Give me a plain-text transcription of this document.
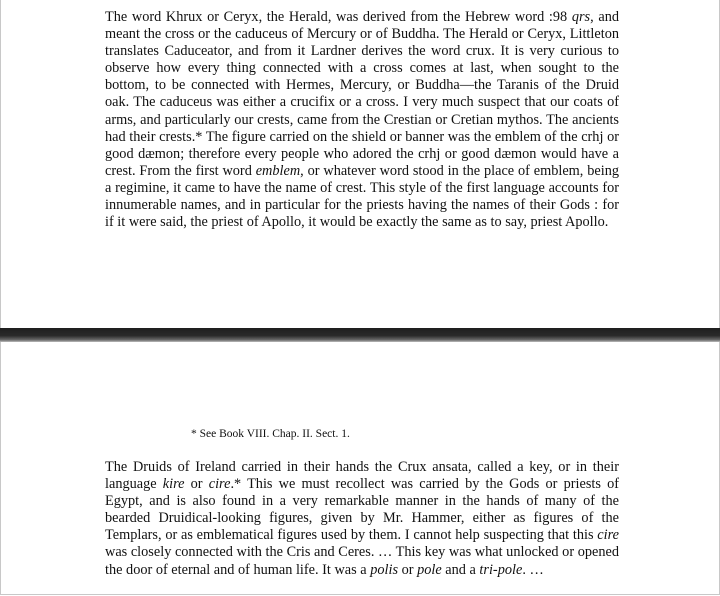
The word Khrux or Ceryx, the Herald, was derived from the Hebrew word :98 qrs, and meant the cross or the caduceus of Mercury or of Buddha. The Herald or Ceryx, Littleton translates Caduceator, and from it Lardner derives the word crux. It is very curious to observe how every thing connected with a cross comes at last, when sought to the bottom, to be connected with Hermes, Mercury, or Buddha—the Taranis of the Druid oak. The caduceus was either a crucifix or a cross. I very much suspect that our coats of arms, and particularly our crests, came from the Crestian or Cretian mythos. The ancients had their crests.* The figure carried on the shield or banner was the emblem of the crhj or good dæmon; therefore every people who adored the crhj or good dæmon would have a crest. From the first word emblem, or whatever word stood in the place of emblem, being a regimine, it came to have the name of crest. This style of the first language accounts for innumerable names, and in particular for the priests having the names of their Gods : for if it were said, the priest of Apollo, it would be exactly the same as to say, priest Apollo.

* See Book VIII. Chap. II. Sect. 1.

The Druids of Ireland carried in their hands the Crux ansata, called a key, or in their language kire or cire.* This we must recollect was carried by the Gods or priests of Egypt, and is also found in a very remarkable manner in the hands of many of the bearded Druidical-looking figures, given by Mr. Hammer, either as figures of the Templars, or as emblematical figures used by them. I cannot help suspecting that this cire was closely connected with the Cris and Ceres. … This key was what unlocked or opened the door of eternal and of human life. It was a polis or pole and a tri-pole. …
